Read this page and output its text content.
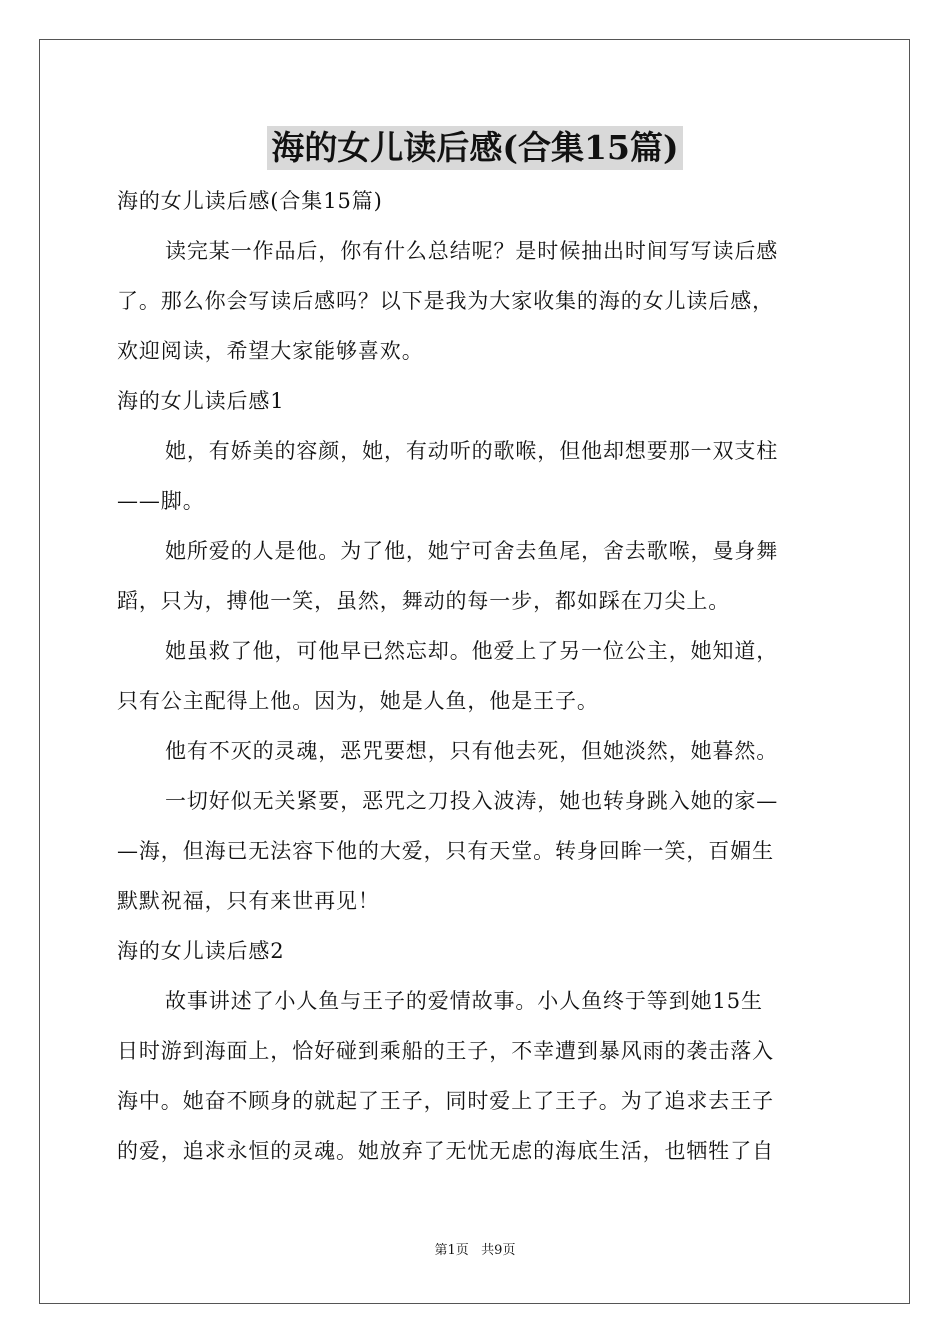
海的女儿读后感(合集15篇)
海的女儿读后感(合集15篇)
读完某一作品后，你有什么总结呢？是时候抽出时间写写读后感
了。那么你会写读后感吗？以下是我为大家收集的海的女儿读后感，
欢迎阅读，希望大家能够喜欢。
海的女儿读后感1
她，有娇美的容颜，她，有动听的歌喉，但他却想要那一双支柱
——脚。
她所爱的人是他。为了他，她宁可舍去鱼尾，舍去歌喉，曼身舞
蹈，只为，搏他一笑，虽然，舞动的每一步，都如踩在刀尖上。
她虽救了他，可他早已然忘却。他爱上了另一位公主，她知道，
只有公主配得上他。因为，她是人鱼，他是王子。
他有不灭的灵魂，恶咒要想，只有他去死，但她淡然，她暮然。
一切好似无关紧要，恶咒之刀投入波涛，她也转身跳入她的家—
—海，但海已无法容下他的大爱，只有天堂。转身回眸一笑，百媚生
默默祝福，只有来世再见！
海的女儿读后感2
故事讲述了小人鱼与王子的爱情故事。小人鱼终于等到她15生
日时游到海面上，恰好碰到乘船的王子，不幸遭到暴风雨的袭击落入
海中。她奋不顾身的就起了王子，同时爱上了王子。为了追求去王子
的爱，追求永恒的灵魂。她放弃了无忧无虑的海底生活，也牺牲了自
第1页   共9页
